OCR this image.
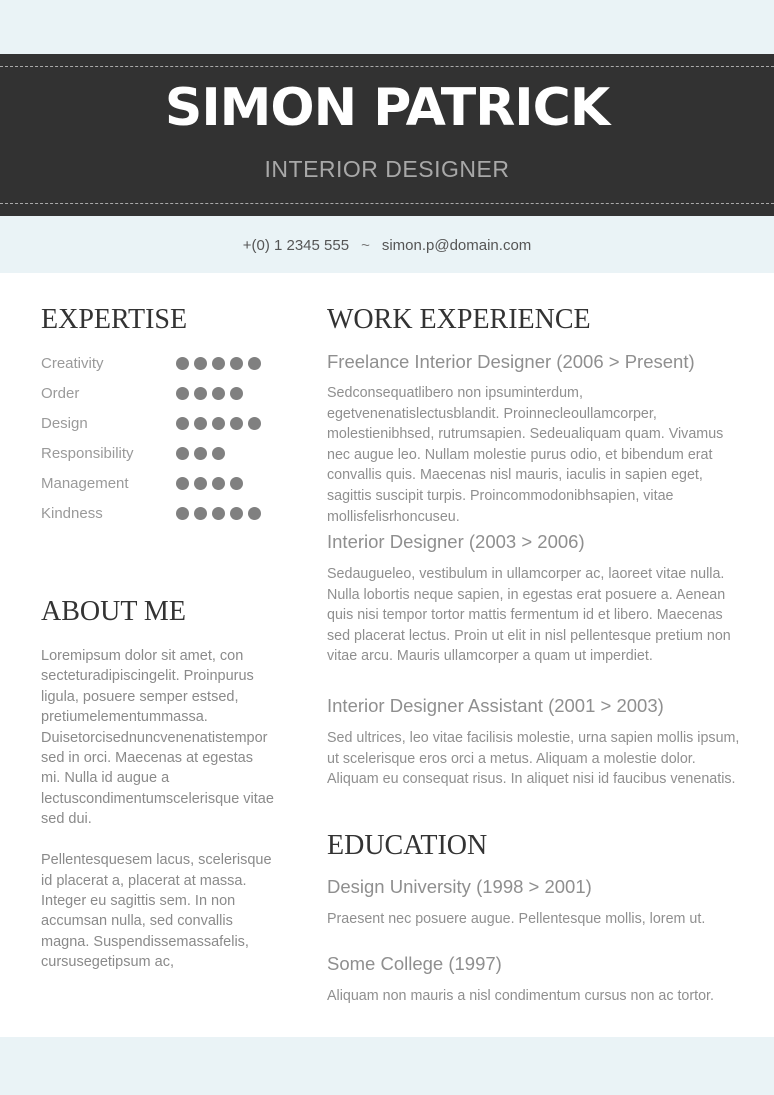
SIMON PATRICK
INTERIOR DESIGNER
+(0) 1 2345 555 ~ simon.p@domain.com
EXPERTISE
Creativity
Order
Design
Responsibility
Management
Kindness
ABOUT ME

Loremipsum dolor sit amet, con secteturadipiscingelit. Proinpurus ligula, posuere semper estsed, pretiumelementummassa. Duisetorcisednuncvenenatistempor sed in orci. Maecenas at egestas mi. Nulla id augue a lectuscondimentumscelerisque vitae sed dui.

Pellentesquesem lacus, scelerisque id placerat a, placerat at massa. Integer eu sagittis sem. In non accumsan nulla, sed convallis magna. Suspendissemassafelis, cursusegetipsum ac,

WORK EXPERIENCE
Freelance Interior Designer (2006 > Present)
Sedconsequatlibero non ipsuminterdum, egetvenenatislectusblandit. Proinnecleoullamcorper, molestienibhsed, rutrumsapien. Sedeualiquam quam. Vivamus nec augue leo. Nullam molestie purus odio, et bibendum erat convallis quis. Maecenas nisl mauris, iaculis in sapien eget, sagittis suscipit turpis. Proincommodonibhsapien, vitae mollisfelisrhoncuseu.
Interior Designer (2003 > 2006)
Sedaugueleo, vestibulum in ullamcorper ac, laoreet vitae nulla. Nulla lobortis neque sapien, in egestas erat posuere a. Aenean quis nisi tempor tortor mattis fermentum id et libero. Maecenas sed placerat lectus. Proin ut elit in nisl pellentesque pretium non vitae arcu. Mauris ullamcorper a quam ut imperdiet.
Interior Designer Assistant (2001 > 2003)
Sed ultrices, leo vitae facilisis molestie, urna sapien mollis ipsum, ut scelerisque eros orci a metus. Aliquam a molestie dolor. Aliquam eu consequat risus. In aliquet nisi id faucibus venenatis.
EDUCATION
Design University (1998 > 2001)
Praesent nec posuere augue. Pellentesque mollis, lorem ut.
Some College (1997)
Aliquam non mauris a nisl condimentum cursus non ac tortor.
